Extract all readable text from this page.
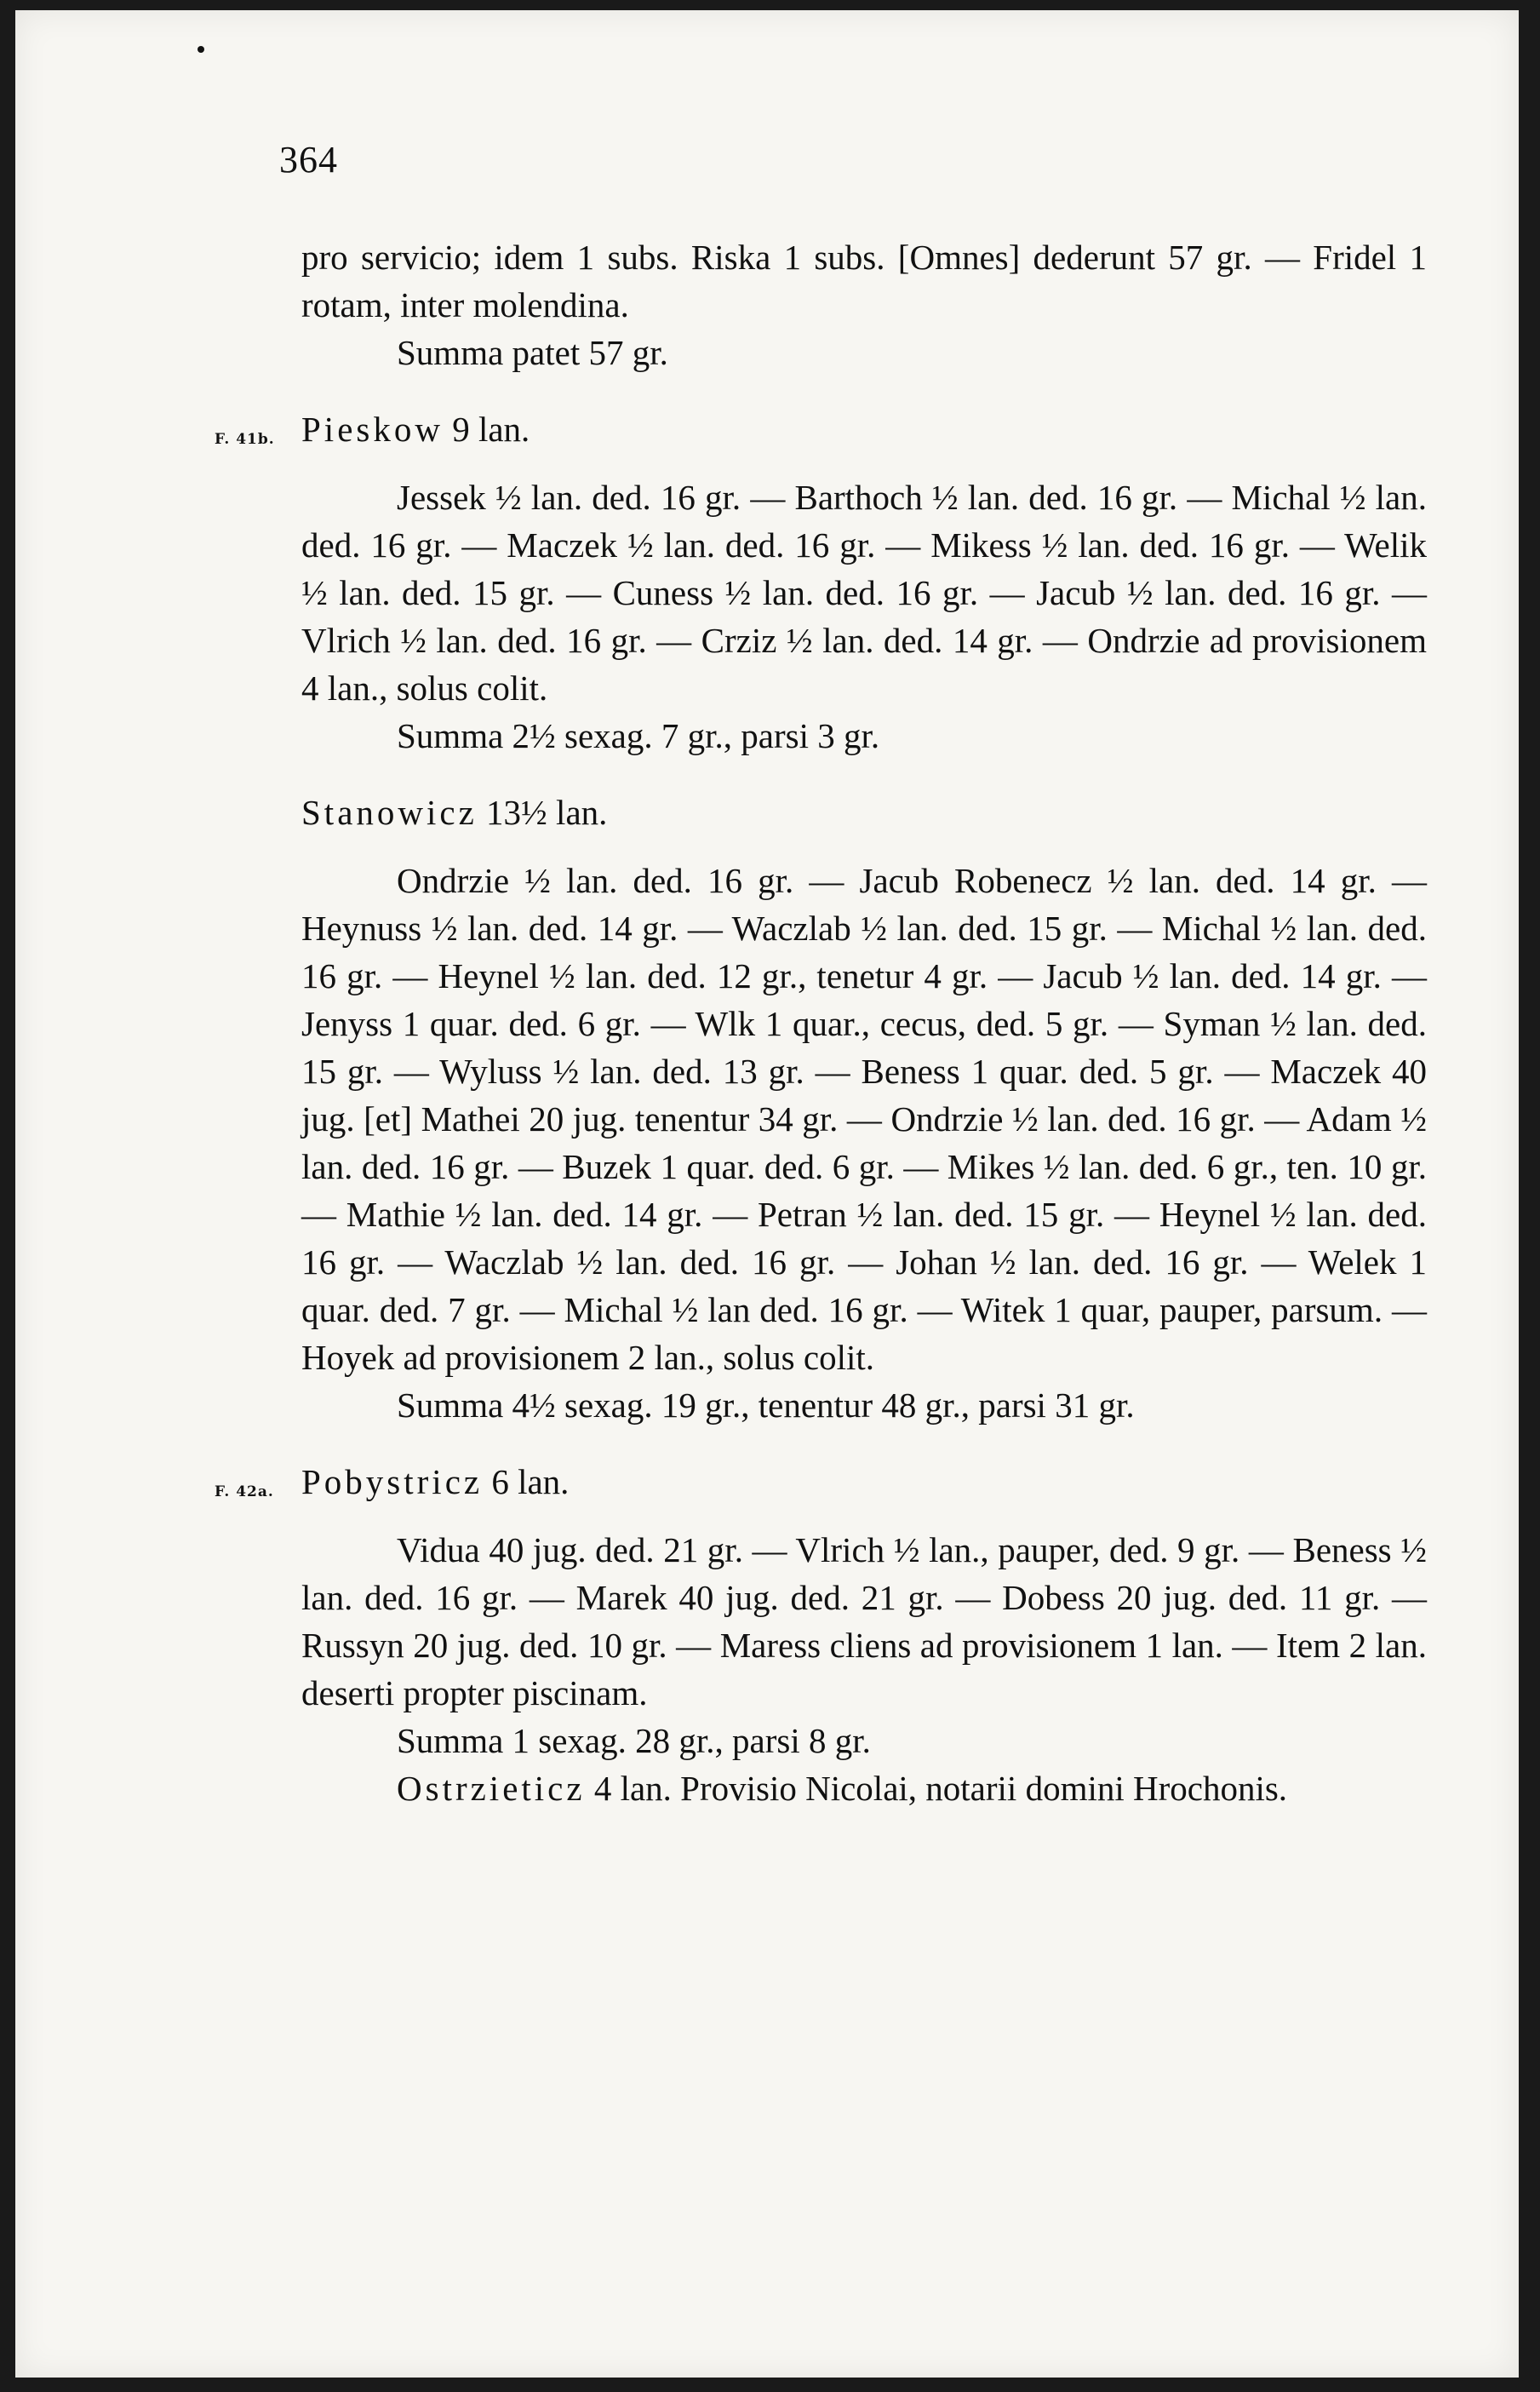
364

pro servicio; idem 1 subs. Riska 1 subs. [Omnes] dederunt 57 gr. — Fridel 1 rotam, inter molendina.

Summa patet 57 gr.

F. 41b. Pieskow 9 lan.

Jessek ½ lan. ded. 16 gr. — Barthoch ½ lan. ded. 16 gr. — Michal ½ lan. ded. 16 gr. — Maczek ½ lan. ded. 16 gr. — Mikess ½ lan. ded. 16 gr. — Welik ½ lan. ded. 15 gr. — Cuness ½ lan. ded. 16 gr. — Jacub ½ lan. ded. 16 gr. — Vlrich ½ lan. ded. 16 gr. — Crziz ½ lan. ded. 14 gr. — Ondrzie ad provisionem 4 lan., solus colit.

Summa 2½ sexag. 7 gr., parsi 3 gr.

Stanowicz 13½ lan.

Ondrzie ½ lan. ded. 16 gr. — Jacub Robenecz ½ lan. ded. 14 gr. — Heynuss ½ lan. ded. 14 gr. — Waczlab ½ lan. ded. 15 gr. — Michal ½ lan. ded. 16 gr. — Heynel ½ lan. ded. 12 gr., tenetur 4 gr. — Jacub ½ lan. ded. 14 gr. — Jenyss 1 quar. ded. 6 gr. — Wlk 1 quar., cecus, ded. 5 gr. — Syman ½ lan. ded. 15 gr. — Wyluss ½ lan. ded. 13 gr. — Beness 1 quar. ded. 5 gr. — Maczek 40 jug. [et] Mathei 20 jug. tenentur 34 gr. — Ondrzie ½ lan. ded. 16 gr. — Adam ½ lan. ded. 16 gr. — Buzek 1 quar. ded. 6 gr. — Mikes ½ lan. ded. 6 gr., ten. 10 gr. — Mathie ½ lan. ded. 14 gr. — Petran ½ lan. ded. 15 gr. — Heynel ½ lan. ded. 16 gr. — Waczlab ½ lan. ded. 16 gr. — Johan ½ lan. ded. 16 gr. — Welek 1 quar. ded. 7 gr. — Michal ½ lan ded. 16 gr. — Witek 1 quar, pauper, parsum. — Hoyek ad provisionem 2 lan., solus colit.

Summa 4½ sexag. 19 gr., tenentur 48 gr., parsi 31 gr.

F. 42a. Pobystricz 6 lan.

Vidua 40 jug. ded. 21 gr. — Vlrich ½ lan., pauper, ded. 9 gr. — Beness ½ lan. ded. 16 gr. — Marek 40 jug. ded. 21 gr. — Dobess 20 jug. ded. 11 gr. — Russyn 20 jug. ded. 10 gr. — Maress cliens ad provisionem 1 lan. — Item 2 lan. deserti propter piscinam.

Summa 1 sexag. 28 gr., parsi 8 gr.

Ostrzieticz 4 lan. Provisio Nicolai, notarii domini Hrochonis.
